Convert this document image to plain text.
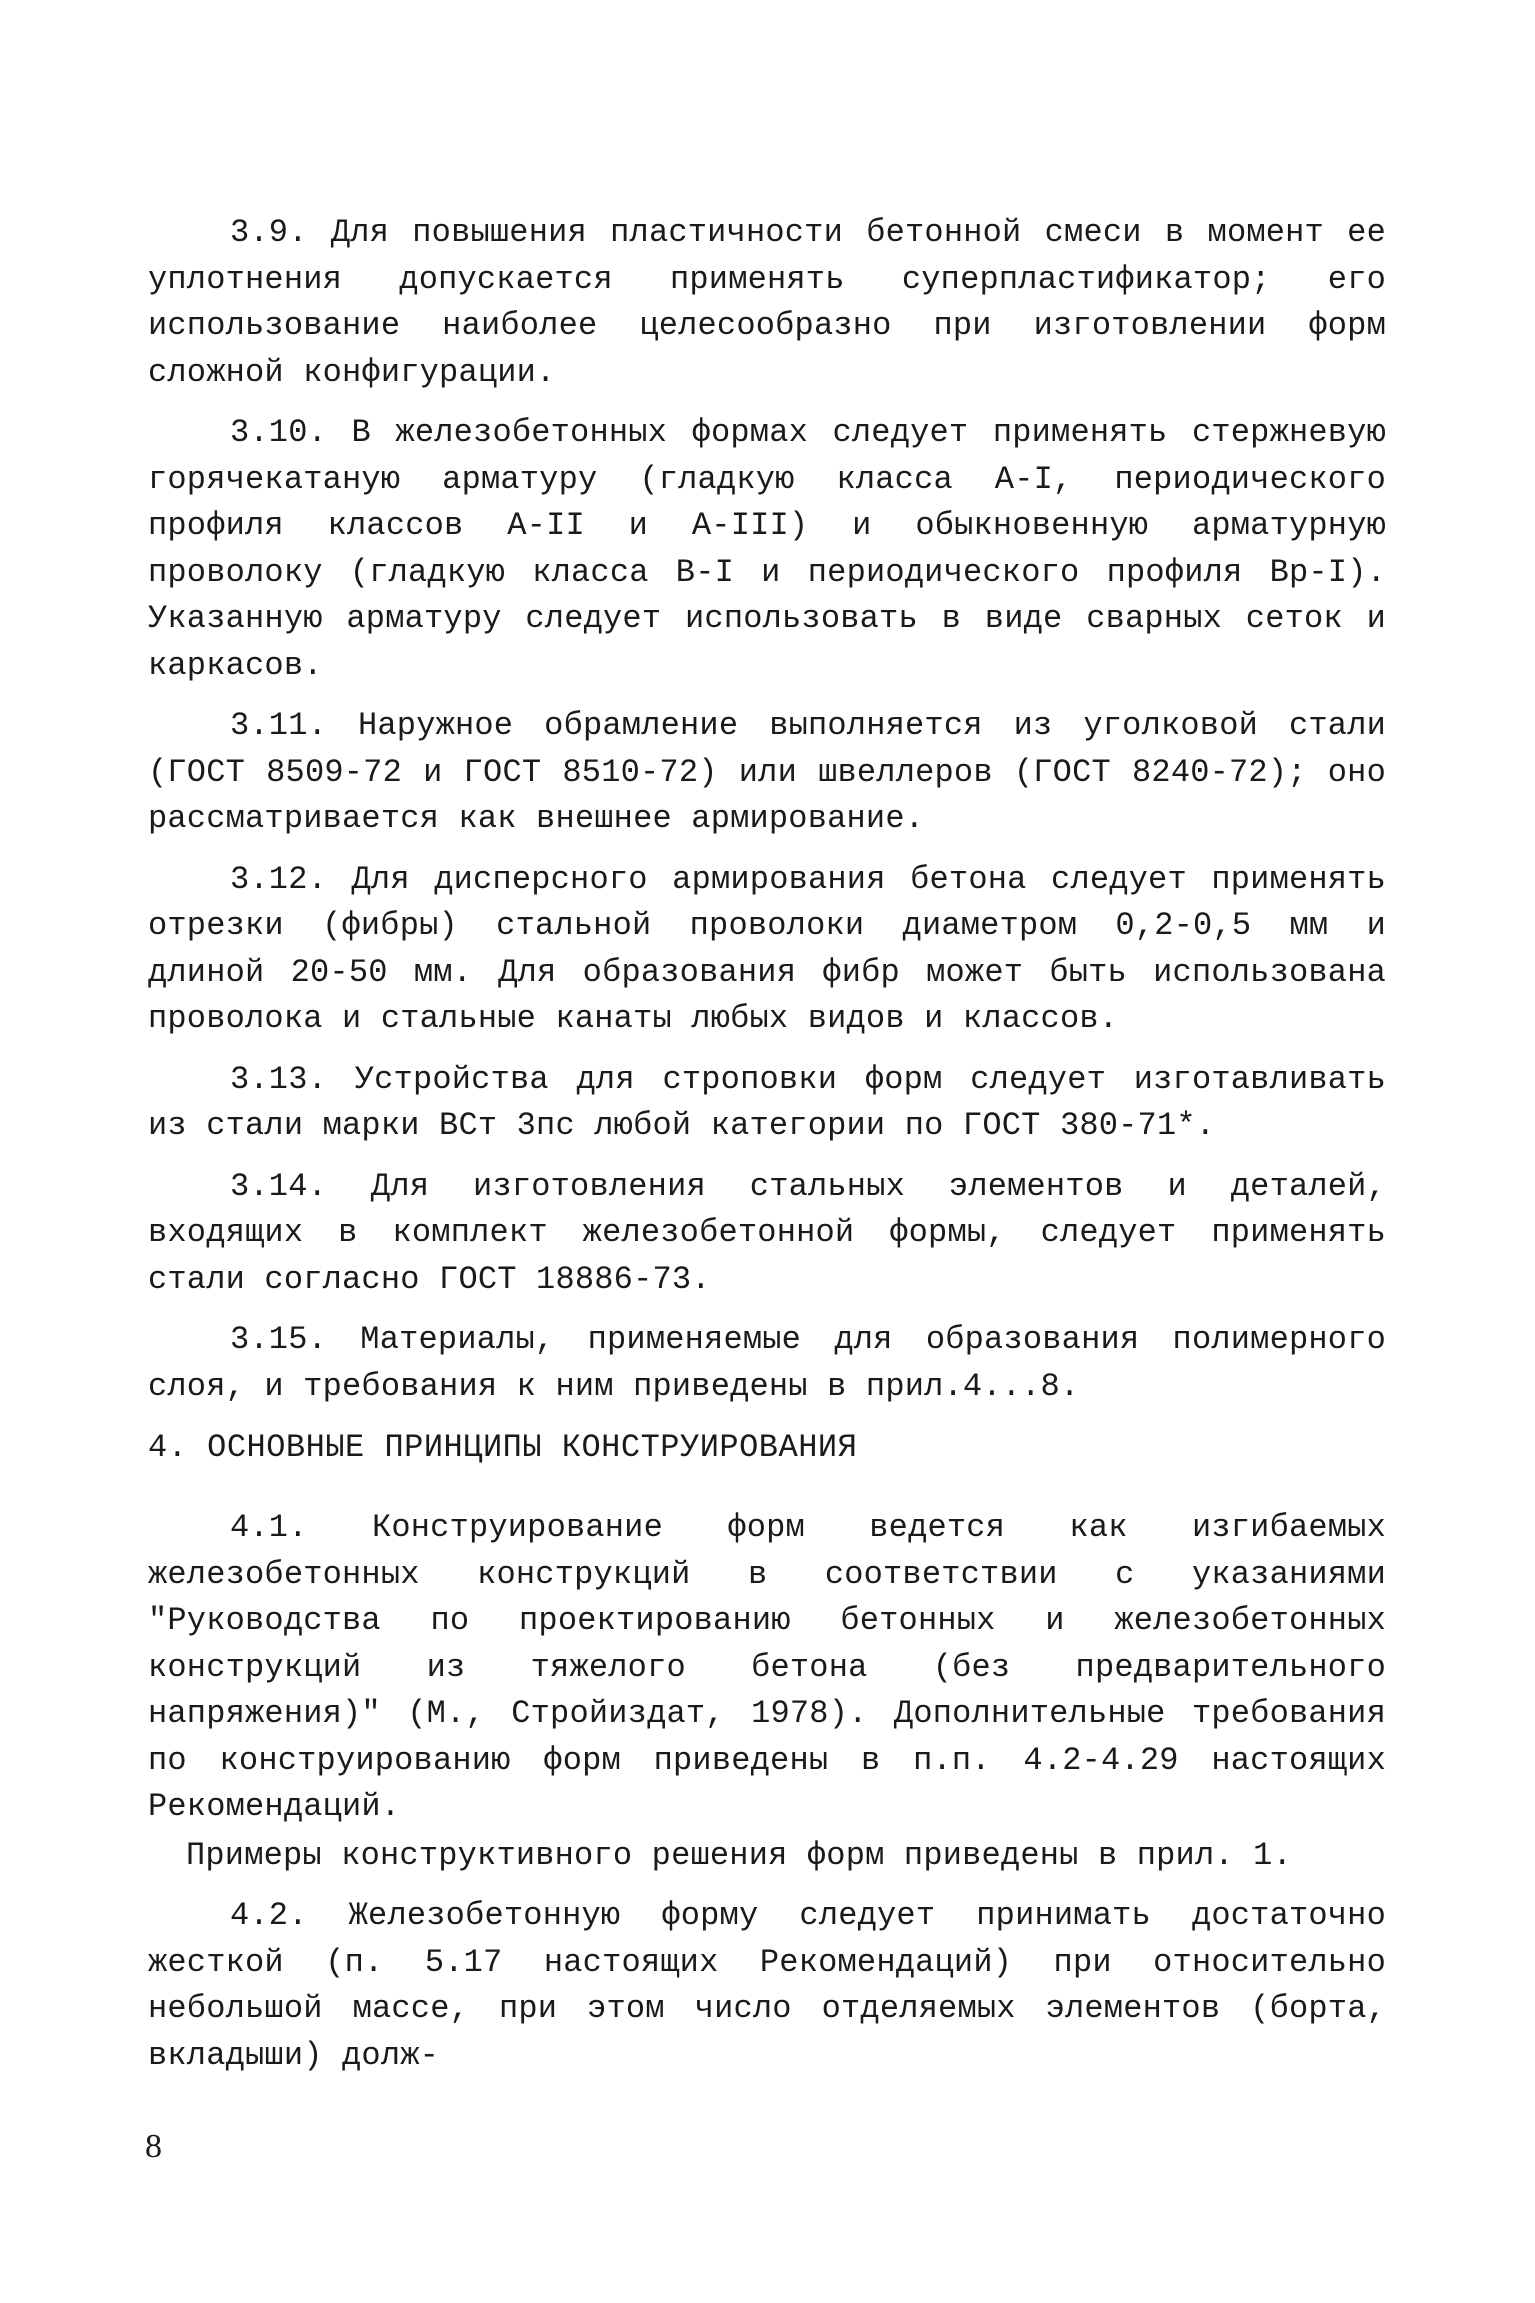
3.9. Для повышения пластичности бетонной смеси в момент ее уплотнения допускается применять суперпластификатор; его использование наиболее целесообразно при изготовлении форм сложной конфигурации.

3.10. В железобетонных формах следует применять стержневую горячекатаную арматуру (гладкую класса А-I, периодического профиля классов А-II и А-III) и обыкновенную арматурную проволоку (гладкую класса В-I и периодического профиля Вр-I). Указанную арматуру следует использовать в виде сварных сеток и каркасов.

3.11. Наружное обрамление выполняется из уголковой стали (ГОСТ 8509-72 и ГОСТ 8510-72) или швеллеров (ГОСТ 8240-72); оно рассматривается как внешнее армирование.

3.12. Для дисперсного армирования бетона следует применять отрезки (фибры) стальной проволоки диаметром 0,2-0,5 мм и длиной 20-50 мм. Для образования фибр может быть использована проволока и стальные канаты любых видов и классов.

3.13. Устройства для строповки форм следует изготавливать из стали марки ВСт 3пс любой категории по ГОСТ 380-71*.

3.14. Для изготовления стальных элементов и деталей, входящих в комплект железобетонной формы, следует применять стали согласно ГОСТ 18886-73.

3.15. Материалы, применяемые для образования полимерного слоя, и требования к ним приведены в прил.4...8.

4. ОСНОВНЫЕ ПРИНЦИПЫ КОНСТРУИРОВАНИЯ

4.1. Конструирование форм ведется как изгибаемых железобетонных конструкций в соответствии с указаниями "Руководства по проектированию бетонных и железобетонных конструкций из тяжелого бетона (без предварительного напряжения)" (М., Стройиздат, 1978). Дополнительные требования по конструированию форм приведены в п.п. 4.2-4.29 настоящих Рекомендаций.

Примеры конструктивного решения форм приведены в прил. 1.

4.2. Железобетонную форму следует принимать достаточно жесткой (п. 5.17 настоящих Рекомендаций) при относительно небольшой массе, при этом число отделяемых элементов (борта, вкладыши) долж-

8
